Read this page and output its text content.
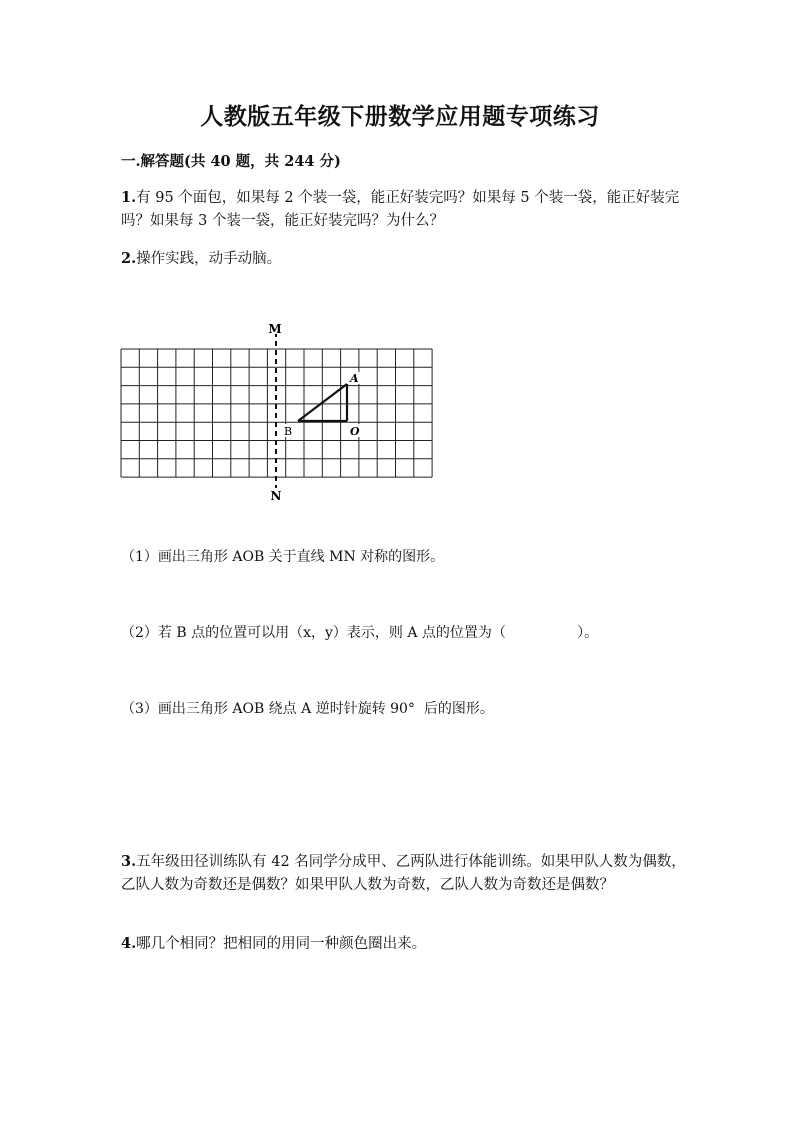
人教版五年级下册数学应用题专项练习
一.解答题(共 40 题，共 244 分)
1.有 95 个面包，如果每 2 个装一袋，能正好装完吗？如果每 5 个装一袋，能正好装完吗？如果每 3 个装一袋，能正好装完吗？为什么？
2.操作实践，动手动脑。
M
N
A
B	O
（1）画出三角形 AOB 关于直线 MN 对称的图形。
（2）若 B 点的位置可以用（x，y）表示，则 A 点的位置为（                ）。
（3）画出三角形 AOB 绕点 A 逆时针旋转 90°  后的图形。
3.五年级田径训练队有 42 名同学分成甲、乙两队进行体能训练。如果甲队人数为偶数，乙队人数为奇数还是偶数？如果甲队人数为奇数，乙队人数为奇数还是偶数？
4.哪几个相同？把相同的用同一种颜色圈出来。
